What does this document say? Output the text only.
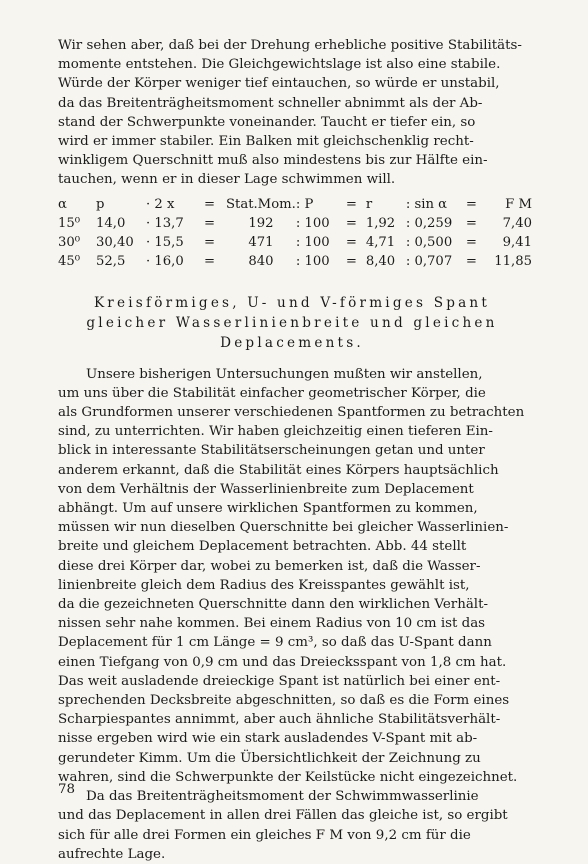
Wir sehen aber, daß bei der Drehung erhebliche positive Stabilitäts-
momente entstehen. Die Gleichgewichtslage ist also eine stabile.
Würde der Körper weniger tief eintauchen, so würde er unstabil,
da das Breitenträgheitsmoment schneller abnimmt als der Ab-
stand der Schwerpunkte voneinander. Taucht er tiefer ein, so
wird er immer stabiler. Ein Balken mit gleichschenklig recht-
winkligem Querschnitt muß also mindestens bis zur Hälfte ein-
tauchen, wenn er in dieser Lage schwimmen will.

α	p	· 2 x	=	Stat.Mom.	: P	=	r	: sin α	=	F M
15⁰	14,0	· 13,7	=	192	: 100	=	1,92	: 0,259	=	7,40
30⁰	30,40	· 15,5	=	471	: 100	=	4,71	: 0,500	=	9,41
45⁰	52,5	· 16,0	=	840	: 100	=	8,40	: 0,707	=	11,85
Kreisförmiges, U- und V-förmiges Spant
gleicher Wasserlinienbreite und gleichen
Deplacements.

Unsere bisherigen Untersuchungen mußten wir anstellen,
um uns über die Stabilität einfacher geometrischer Körper, die
als Grundformen unserer verschiedenen Spantformen zu betrachten
sind, zu unterrichten. Wir haben gleichzeitig einen tieferen Ein-
blick in interessante Stabilitätserscheinungen getan und unter
anderem erkannt, daß die Stabilität eines Körpers hauptsächlich
von dem Verhältnis der Wasserlinienbreite zum Deplacement
abhängt. Um auf unsere wirklichen Spantformen zu kommen,
müssen wir nun dieselben Querschnitte bei gleicher Wasserlinien-
breite und gleichem Deplacement betrachten. Abb. 44 stellt
diese drei Körper dar, wobei zu bemerken ist, daß die Wasser-
linienbreite gleich dem Radius des Kreisspantes gewählt ist,
da die gezeichneten Querschnitte dann den wirklichen Verhält-
nissen sehr nahe kommen. Bei einem Radius von 10 cm ist das
Deplacement für 1 cm Länge = 9 cm³, so daß das U-Spant dann
einen Tiefgang von 0,9 cm und das Dreiecksspant von 1,8 cm hat.
Das weit ausladende dreieckige Spant ist natürlich bei einer ent-
sprechenden Decksbreite abgeschnitten, so daß es die Form eines
Scharpiespantes annimmt, aber auch ähnliche Stabilitätsverhält-
nisse ergeben wird wie ein stark ausladendes V-Spant mit ab-
gerundeter Kimm. Um die Übersichtlichkeit der Zeichnung zu
wahren, sind die Schwerpunkte der Keilstücke nicht eingezeichnet.

Da das Breitenträgheitsmoment der Schwimmwasserlinie
und das Deplacement in allen drei Fällen das gleiche ist, so ergibt
sich für alle drei Formen ein gleiches F M von 9,2 cm für die
aufrechte Lage.

78
